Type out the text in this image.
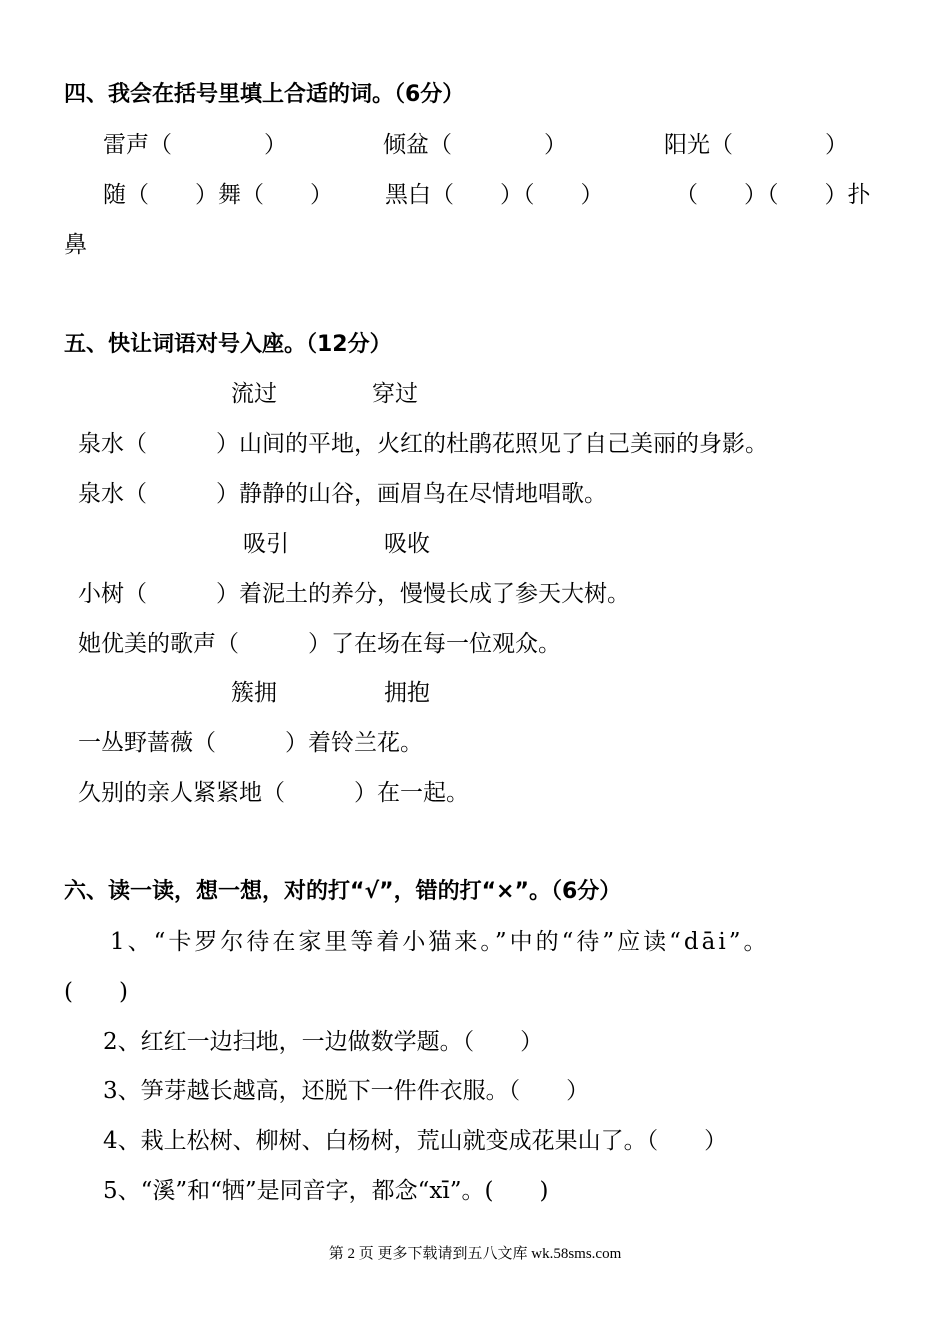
四、我会在括号里填上合适的词。（6分）
雷声（　　　　）	倾盆（　　　　）	阳光（　　　　）
随（　　）舞（　　） 黑白（　　）（　　）	（　　）（　　）扑
鼻
五、快让词语对号入座。（12分）
流过	穿过
泉水（　　　）山间的平地，火红的杜鹃花照见了自己美丽的身影。
泉水（　　　）静静的山谷，画眉鸟在尽情地唱歌。
吸引	吸收
小树（　　　）着泥土的养分，慢慢长成了参天大树。
她优美的歌声（　　　）了在场在每一位观众。
簇拥	拥抱
一丛野蔷薇（　　　）着铃兰花。
久别的亲人紧紧地（　　　）在一起。
六、读一读，想一想，对的打“√”，错的打“×”。（6分）
1、“卡罗尔待在家里等着小猫来。”中的“待”应读“dāi”。
(　　)
2、红红一边扫地，一边做数学题。（　　）
3、笋芽越长越高，还脱下一件件衣服。（　　）
4、栽上松树、柳树、白杨树，荒山就变成花果山了。（　　）
5、“溪”和“牺”是同音字，都念“xī”。(　　)
第 2 页 更多下载请到五八文库 wk.58sms.com
